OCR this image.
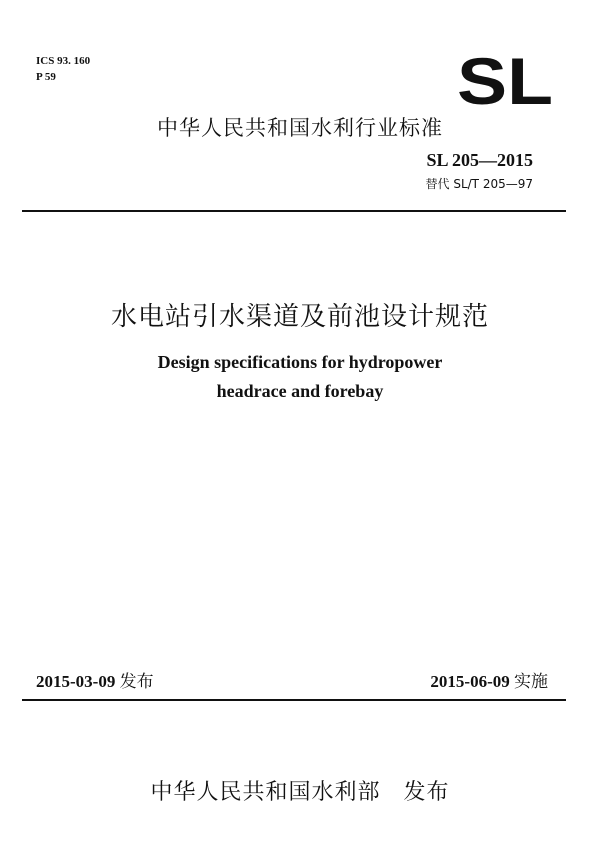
ICS 93. 160
P 59	SL
中华人民共和国水利行业标准
SL 205—2015
替代 SL/T 205—97
水电站引水渠道及前池设计规范
Design specifications for hydropower
headrace and forebay
2015-03-09 发布	2015-06-09 实施
中华人民共和国水利部　发布
